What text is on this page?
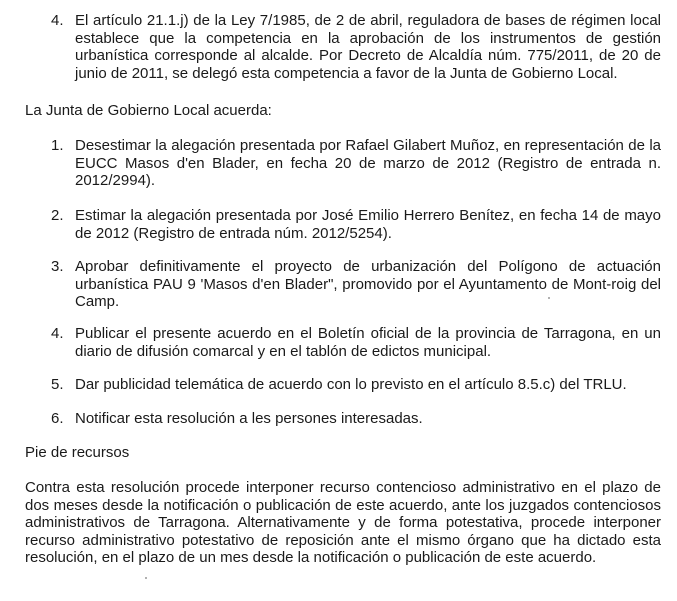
4. El artículo 21.1.j) de la Ley 7/1985, de 2 de abril, reguladora de bases de régimen local establece que la competencia en la aprobación de los instrumentos de gestión urbanística corresponde al alcalde. Por Decreto de Alcaldía núm. 775/2011, de 20 de junio de 2011, se delegó esta competencia a favor de la Junta de Gobierno Local.
La Junta de Gobierno Local acuerda:
1. Desestimar la alegación presentada por Rafael Gilabert Muñoz, en representación de la EUCC Masos d'en Blader, en fecha 20 de marzo de 2012 (Registro de entrada n. 2012/2994).
2. Estimar la alegación presentada por José Emilio Herrero Benítez, en fecha 14 de mayo de 2012 (Registro de entrada núm. 2012/5254).
3. Aprobar definitivamente el proyecto de urbanización del Polígono de actuación urbanística PAU 9 'Masos d'en Blader", promovido por el Ayuntamento de Mont-roig del Camp.
4. Publicar el presente acuerdo en el Boletín oficial de la provincia de Tarragona, en un diario de difusión comarcal y en el tablón de edictos municipal.
5. Dar publicidad telemática de acuerdo con lo previsto en el artículo 8.5.c) del TRLU.
6. Notificar esta resolución a les persones interesadas.
Pie de recursos
Contra esta resolución procede interponer recurso contencioso administrativo en el plazo de dos meses desde la notificación o publicación de este acuerdo, ante los juzgados contenciosos administrativos de Tarragona. Alternativamente y de forma potestativa, procede interponer recurso administrativo potestativo de reposición ante el mismo órgano que ha dictado esta resolución, en el plazo de un mes desde la notificación o publicación de este acuerdo.
